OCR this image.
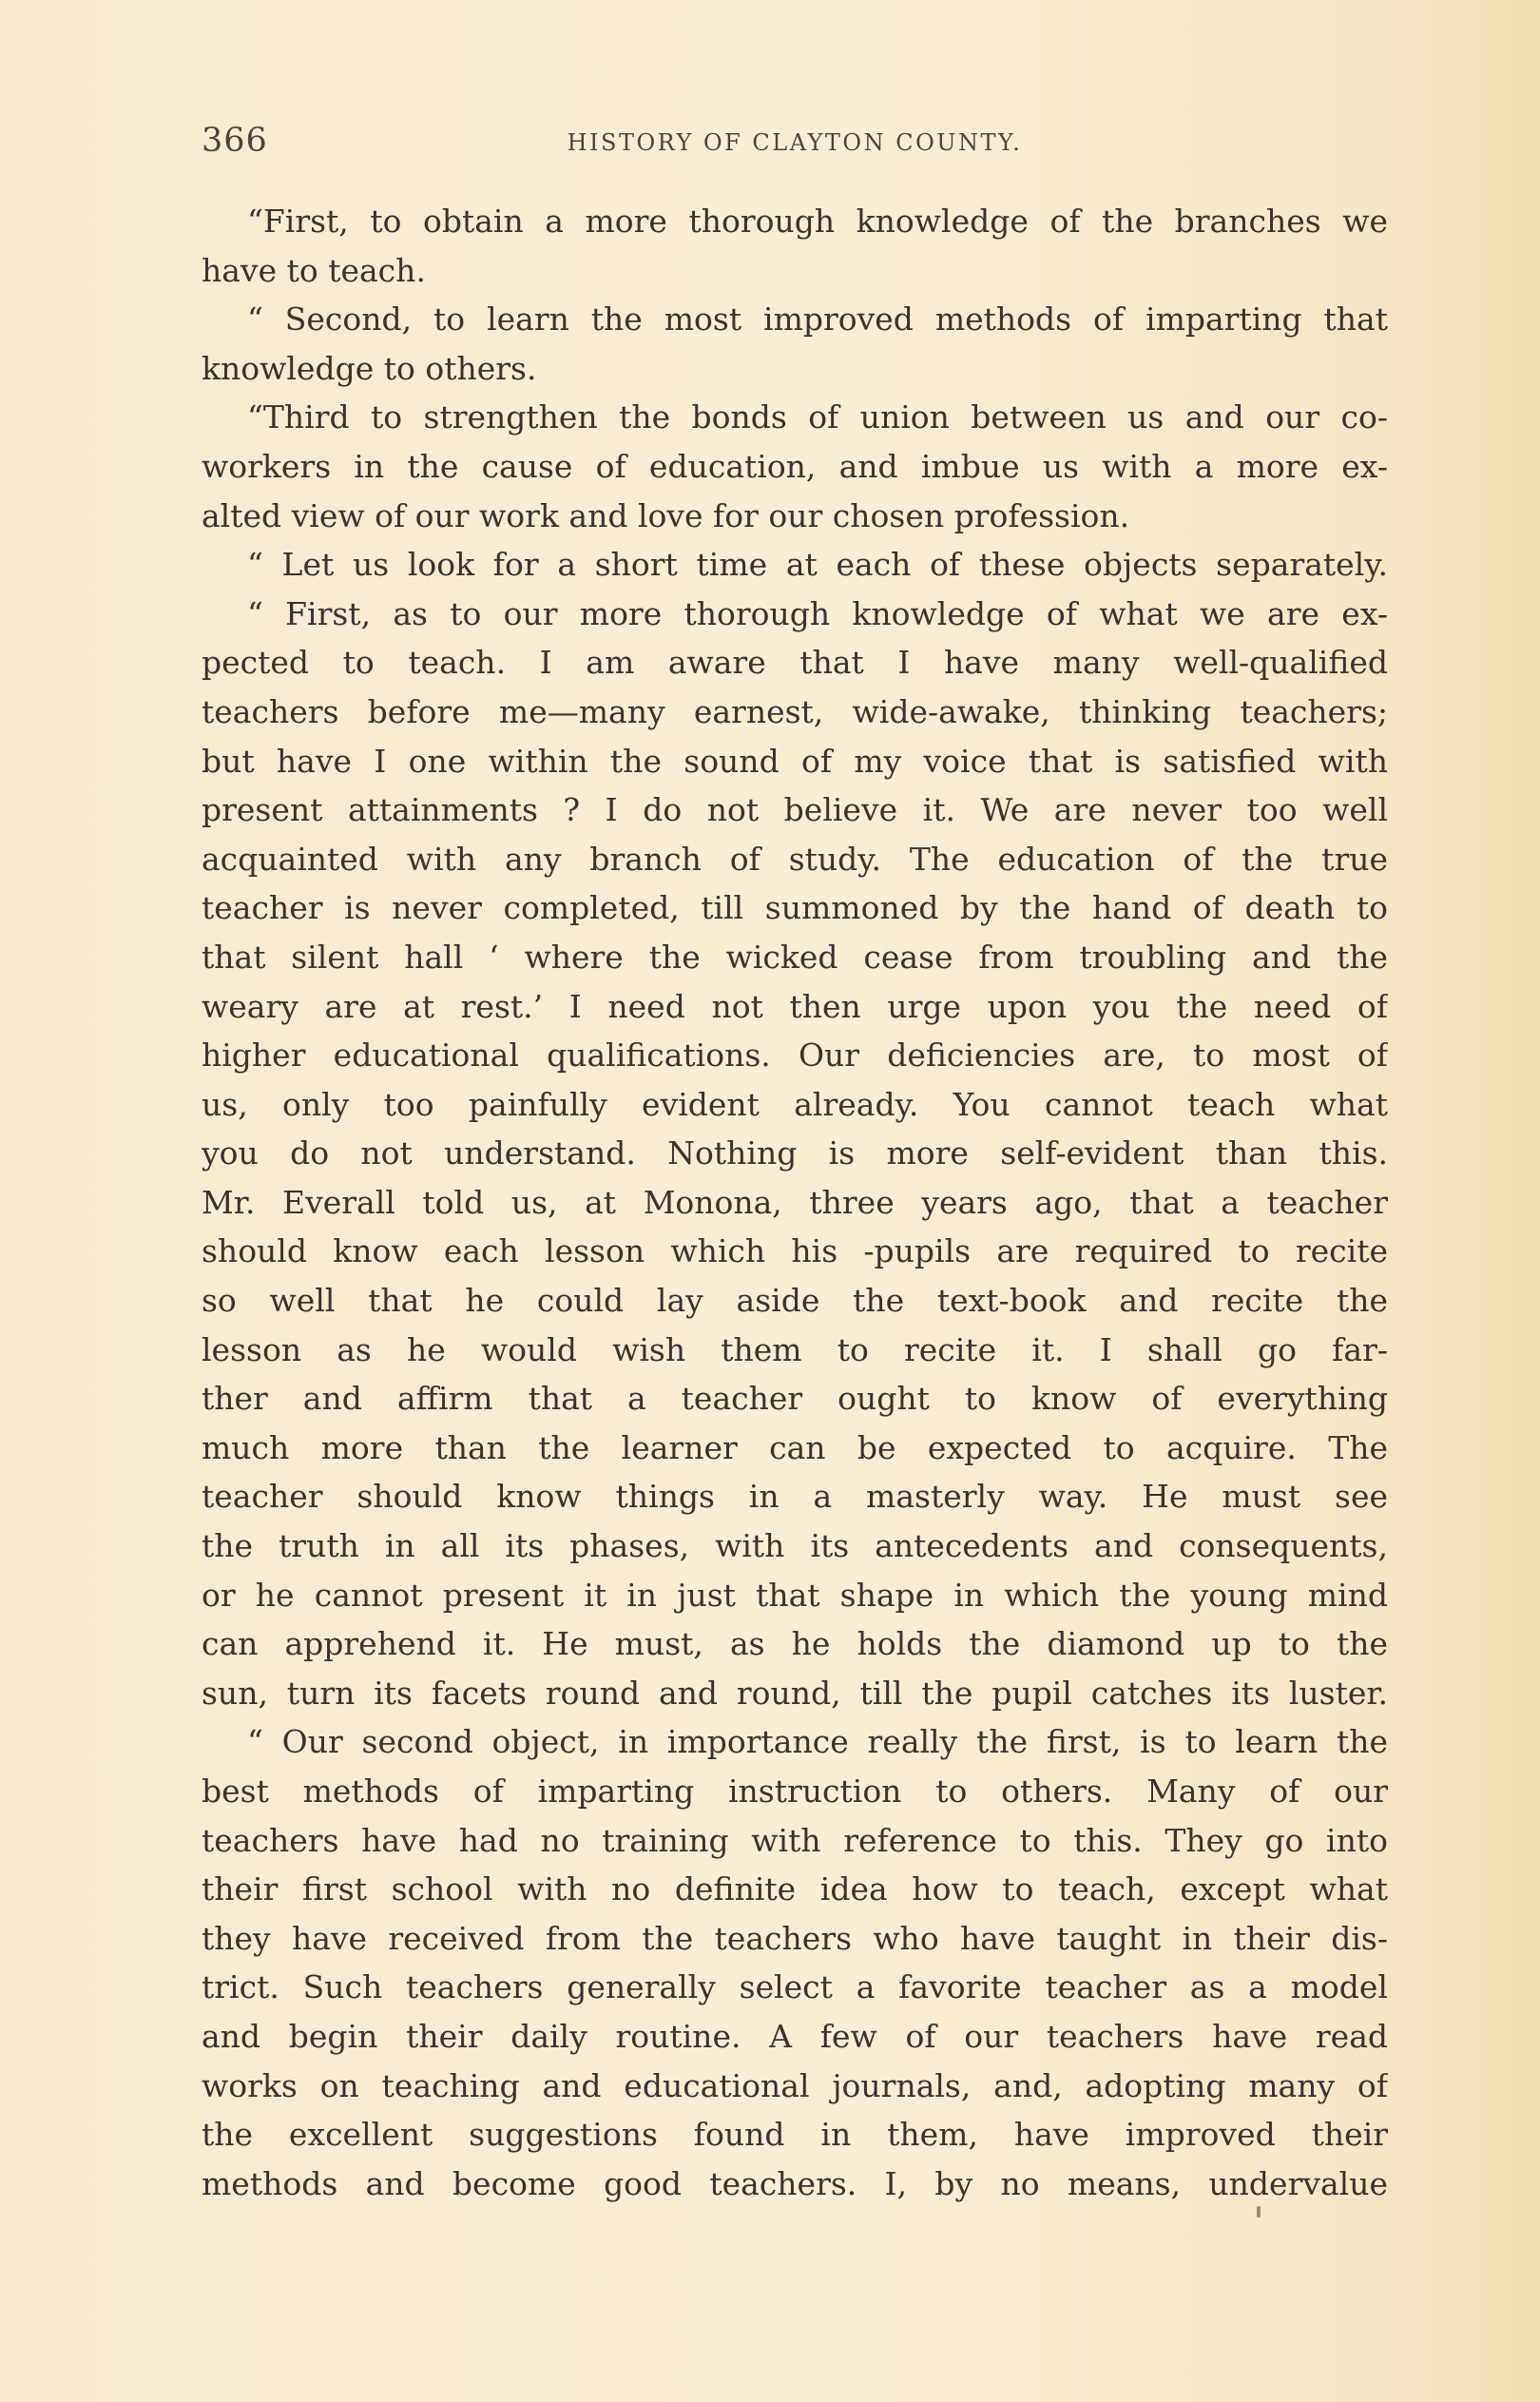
366	HISTORY OF CLAYTON COUNTY.
“First, to obtain a more thorough knowledge of the branches we
have to teach.
“ Second, to learn the most improved methods of imparting that
knowledge to others.
“Third to strengthen the bonds of union between us and our co-
workers in the cause of education, and imbue us with a more ex-
alted view of our work and love for our chosen profession.
“ Let us look for a short time at each of these objects separately.
“ First, as to our more thorough knowledge of what we are ex-
pected to teach. I am aware that I have many well-qualified
teachers before me—many earnest, wide-awake, thinking teachers;
but have I one within the sound of my voice that is satisfied with
present attainments ? I do not believe it. We are never too well
acquainted with any branch of study. The education of the true
teacher is never completed, till summoned by the hand of death to
that silent hall ‘ where the wicked cease from troubling and the
weary are at rest.’ I need not then urge upon you the need of
higher educational qualifications. Our deficiencies are, to most of
us, only too painfully evident already. You cannot teach what
you do not understand. Nothing is more self-evident than this.
Mr. Everall told us, at Monona, three years ago, that a teacher
should know each lesson which his -pupils are required to recite
so well that he could lay aside the text-book and recite the
lesson as he would wish them to recite it. I shall go far-
ther and affirm that a teacher ought to know of everything
much more than the learner can be expected to acquire. The
teacher should know things in a masterly way. He must see
the truth in all its phases, with its antecedents and consequents,
or he cannot present it in just that shape in which the young mind
can apprehend it. He must, as he holds the diamond up to the
sun, turn its facets round and round, till the pupil catches its luster.
“ Our second object, in importance really the first, is to learn the
best methods of imparting instruction to others. Many of our
teachers have had no training with reference to this. They go into
their first school with no definite idea how to teach, except what
they have received from the teachers who have taught in their dis-
trict. Such teachers generally select a favorite teacher as a model
and begin their daily routine. A few of our teachers have read
works on teaching and educational journals, and, adopting many of
the excellent suggestions found in them, have improved their
methods and become good teachers. I, by no means, undervalue
